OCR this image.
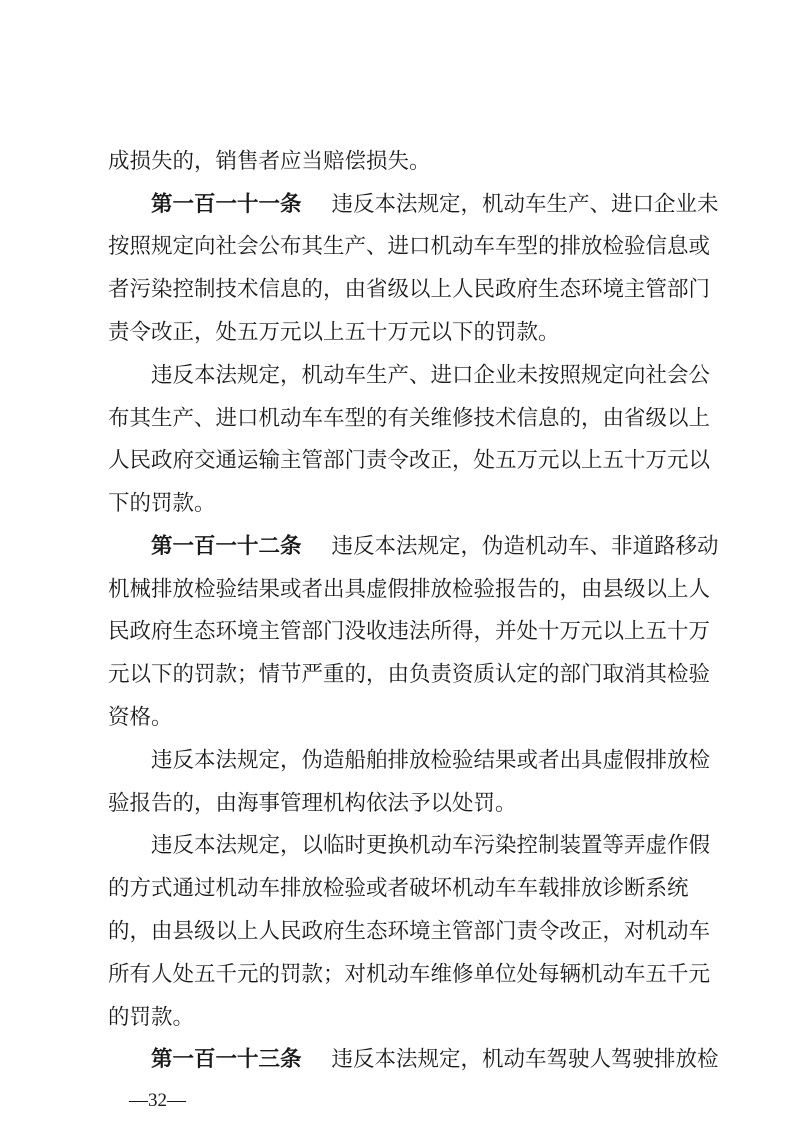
成损失的，销售者应当赔偿损失。
第一百一十一条 违反本法规定，机动车生产、进口企业未
按照规定向社会公布其生产、进口机动车车型的排放检验信息或
者污染控制技术信息的，由省级以上人民政府生态环境主管部门
责令改正，处五万元以上五十万元以下的罚款。
违反本法规定，机动车生产、进口企业未按照规定向社会公
布其生产、进口机动车车型的有关维修技术信息的，由省级以上
人民政府交通运输主管部门责令改正，处五万元以上五十万元以
下的罚款。
第一百一十二条 违反本法规定，伪造机动车、非道路移动
机械排放检验结果或者出具虚假排放检验报告的，由县级以上人
民政府生态环境主管部门没收违法所得，并处十万元以上五十万
元以下的罚款；情节严重的，由负责资质认定的部门取消其检验
资格。
违反本法规定，伪造船舶排放检验结果或者出具虚假排放检
验报告的，由海事管理机构依法予以处罚。
违反本法规定，以临时更换机动车污染控制装置等弄虚作假
的方式通过机动车排放检验或者破坏机动车车载排放诊断系统
的，由县级以上人民政府生态环境主管部门责令改正，对机动车
所有人处五千元的罚款；对机动车维修单位处每辆机动车五千元
的罚款。
第一百一十三条 违反本法规定，机动车驾驶人驾驶排放检
—32—
